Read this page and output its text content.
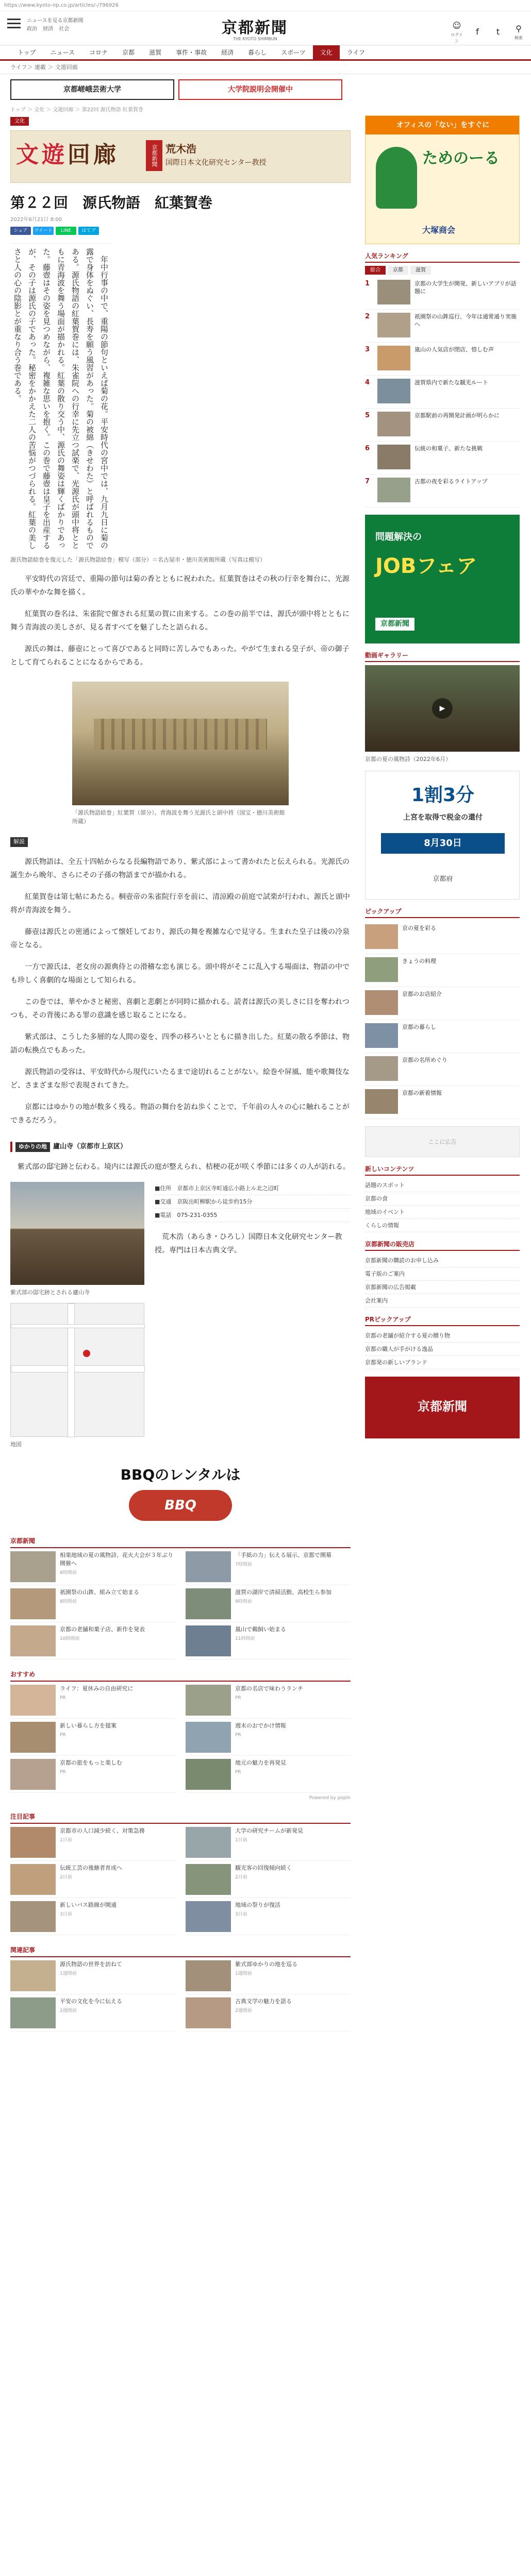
https://www.kyoto-np.co.jp/articles/-/796926
ニュースを見る京都新聞
政治 経済 社会	京都新聞
THE KYOTO SHIMBUN
☺
ログイン
f	t	⚲
検索
トップ	ニュース	コロナ	京都	滋賀	事件・事故	経済	暮らし	スポーツ	文化	ライフ
ライフ＞ 連載 ＞ 文遊回廊
京都嵯峨芸術大学	大学院説明会開催中
トップ ＞ 文化 ＞ 文遊回廊 ＞ 第22回 源氏物語 紅葉賀巻
文化
文遊回廊	京都新聞 荒木浩
国際日本文化研究センター教授
第２２回　源氏物語　紅葉賀巻
2022年6月21日 8:00
シェア	ツイート	LINE	はてブ
　年中行事の中で、重陽の節句といえば菊の花。平安時代の宮中では、九月九日に菊の露で身体をぬぐい、長寿を願う風習があった。菊の被綿（きせわた）と呼ばれるものである。源氏物語の紅葉賀巻には、朱雀院への行幸に先立つ試楽で、光源氏が頭中将とともに青海波を舞う場面が描かれる。紅葉の散り交う中、源氏の舞姿は輝くばかりであった。藤壺はその姿を見つめながら、複雑な思いを抱く。この巻で藤壺は皇子を出産するが、その子は源氏の子であった。秘密をかかえた二人の苦悩がつづられる。紅葉の美しさと人の心の陰影とが重なり合う巻である。
源氏物語絵巻を復元した「源氏物語絵巻」模写（部分）＝名古屋市・徳川美術館所蔵（写真は模写）
　平安時代の宮廷で、重陽の節句は菊の香とともに祝われた。紅葉賀巻はその秋の行幸を舞台に、光源氏の華やかな舞を描く。
　紅葉賀の巻名は、朱雀院で催される紅葉の賀に由来する。この巻の前半では、源氏が頭中将とともに舞う青海波の美しさが、見る者すべてを魅了したと語られる。
　源氏の舞は、藤壺にとって喜びであると同時に苦しみでもあった。やがて生まれる皇子が、帝の御子として育てられることになるからである。
「源氏物語絵巻」紅葉賀（部分）。青海波を舞う光源氏と頭中将（国宝・徳川美術館所蔵）
解説
　源氏物語は、全五十四帖からなる長編物語であり、紫式部によって書かれたと伝えられる。光源氏の誕生から晩年、さらにその子孫の物語までが描かれる。
　紅葉賀巻は第七帖にあたる。桐壺帝の朱雀院行幸を前に、清涼殿の前庭で試楽が行われ、源氏と頭中将が青海波を舞う。
　藤壺は源氏との密通によって懐妊しており、源氏の舞を複雑な心で見守る。生まれた皇子は後の冷泉帝となる。
　一方で源氏は、老女房の源典侍との滑稽な恋も演じる。頭中将がそこに乱入する場面は、物語の中でも珍しく喜劇的な場面として知られる。
　この巻では、華やかさと秘密、喜劇と悲劇とが同時に描かれる。読者は源氏の美しさに目を奪われつつも、その背後にある罪の意識を感じ取ることになる。
　紫式部は、こうした多層的な人間の姿を、四季の移ろいとともに描き出した。紅葉の散る季節は、物語の転換点でもあった。
　源氏物語の受容は、平安時代から現代にいたるまで途切れることがない。絵巻や屏風、能や歌舞伎など、さまざまな形で表現されてきた。
　京都にはゆかりの地が数多く残る。物語の舞台を訪ね歩くことで、千年前の人々の心に触れることができるだろう。
ゆかりの地 廬山寺（京都市上京区）
紫式部の邸宅跡と伝わる。境内には源氏の庭が整えられ、桔梗の花が咲く季節には多くの人が訪れる。
紫式部の邸宅跡とされる廬山寺
地図
■住所　京都市上京区寺町通広小路上ル北之辺町
■交通　京阪出町柳駅から徒歩約15分
■電話　075-231-0355
荒木浩（あらき・ひろし）国際日本文化研究センター教授。専門は日本古典文学。
BBQのレンタルは
BBQ
京都新聞
相楽地域の夏の風物詩、花火大会が３年ぶり開催へ
6時間前
「手紙の力」伝える展示、京都で開幕
7時間前
祇園祭の山鉾、組み立て始まる
8時間前
滋賀の湖岸で清掃活動、高校生ら参加
9時間前
京都の老舗和菓子店、新作を発表
10時間前
嵐山で鵜飼い始まる
11時間前
おすすめ
ライフ：夏休みの自由研究に
PR
京都の名店で味わうランチ
PR
新しい暮らし方を提案
PR
週末のおでかけ情報
PR
京都の旅をもっと楽しむ
PR
地元の魅力を再発見
PR
Powered by popIn
注目記事
京都市の人口減少続く、対策急務
1日前
大学の研究チームが新発見
1日前
伝統工芸の後継者育成へ
2日前
観光客の回復傾向続く
2日前
新しいバス路線が開通
3日前
地域の祭りが復活
3日前
関連記事
源氏物語の世界を訪ねて
1週間前
紫式部ゆかりの地を巡る
1週間前
平安の文化を今に伝える
2週間前
古典文学の魅力を語る
2週間前
オフィスの「ない」をすぐに
ためのーる
大塚商会
人気ランキング
総合	京都	滋賀
1	京都の大学生が開発、新しいアプリが話題に
2	祇園祭の山鉾巡行、今年は通常通り実施へ
3	嵐山の人気店が閉店、惜しむ声
4	滋賀県内で新たな観光ルート
5	京都駅前の再開発計画が明らかに
6	伝統の和菓子、新たな挑戦
7	古都の夜を彩るライトアップ
問題解決の
JOBフェア
京都新聞
動画ギャラリー
▶
京都の夏の風物詩（2022年6月）
1割3分
上宮を取得で税金の還付
8月30日
京都府
ピックアップ
京の夏を彩る
きょうの料理
京都のお店紹介
京都の暮らし
京都の名所めぐり
京都の新着情報
ここに広告
新しいコンテンツ
話題のスポット
京都の食
地域のイベント
くらしの情報
京都新聞の販売店
京都新聞の購読のお申し込み
電子版のご案内
京都新聞の広告掲載
会社案内
PRピックアップ
京都の老舗が紹介する夏の贈り物
京都の職人が手がける逸品
京都発の新しいブランド
京都新聞
